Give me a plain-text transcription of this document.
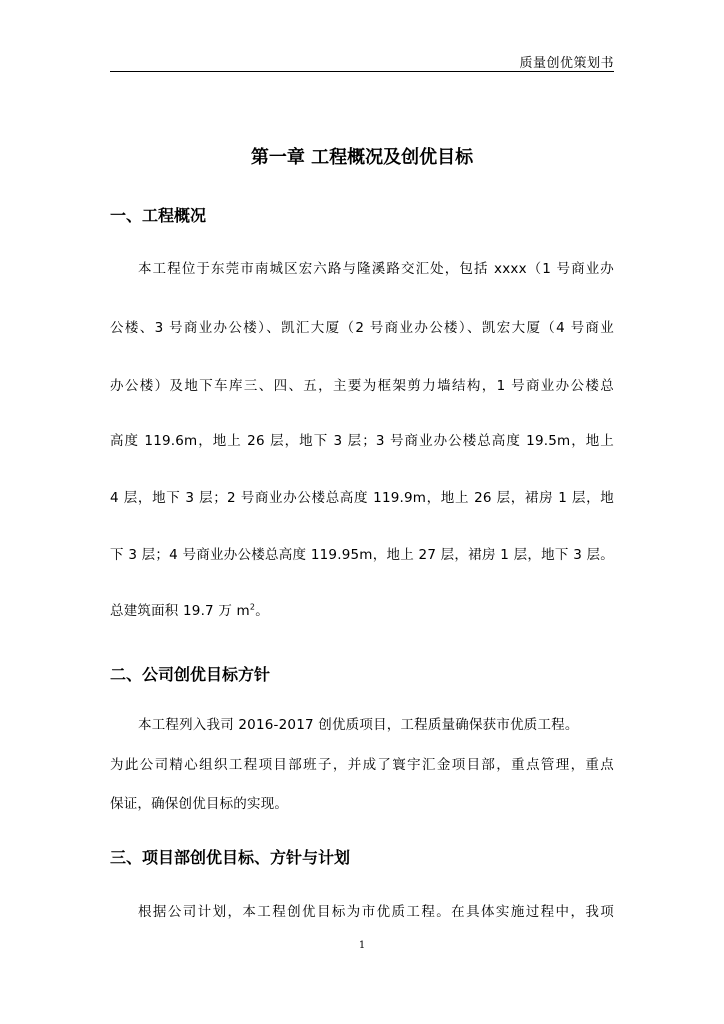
质量创优策划书
第一章 工程概况及创优目标
一、工程概况
本工程位于东莞市南城区宏六路与隆溪路交汇处，包括 xxxx（1 号商业办
公楼、3 号商业办公楼）、凯汇大厦（2 号商业办公楼）、凯宏大厦（4 号商业
办公楼）及地下车库三、四、五，主要为框架剪力墙结构，1 号商业办公楼总
高度 119.6m，地上 26 层，地下 3 层；3 号商业办公楼总高度 19.5m，地上
4 层，地下 3 层；2 号商业办公楼总高度 119.9m，地上 26 层，裙房 1 层，地
下 3 层；4 号商业办公楼总高度 119.95m，地上 27 层，裙房 1 层，地下 3 层。
总建筑面积 19.7 万 $m^2$。
二、公司创优目标方针
本工程列入我司 2016-2017 创优质项目，工程质量确保获市优质工程。
为此公司精心组织工程项目部班子，并成了寰宇汇金项目部，重点管理，重点
保证，确保创优目标的实现。
三、项目部创优目标、方针与计划
根据公司计划，本工程创优目标为市优质工程。在具体实施过程中，我项
1
